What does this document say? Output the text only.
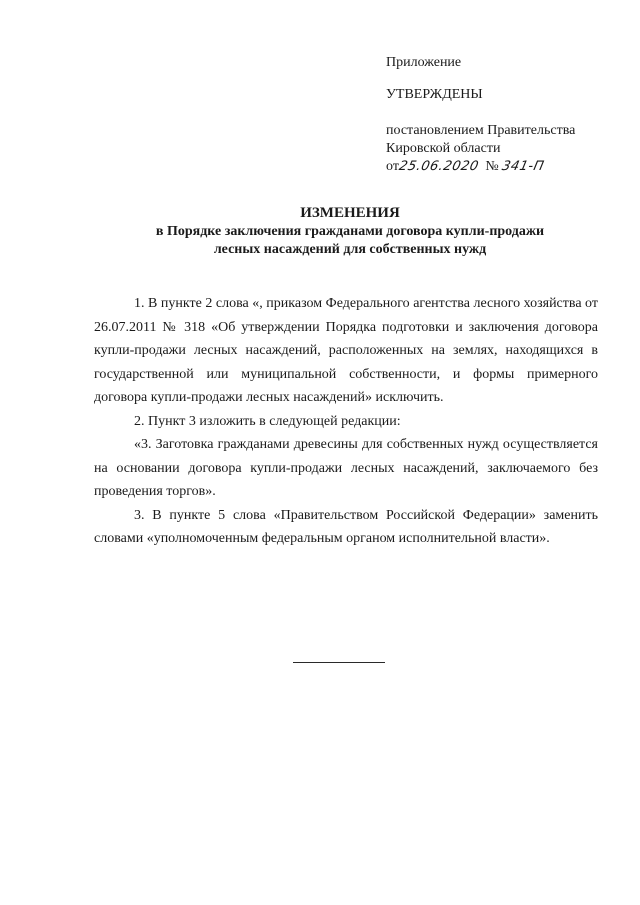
Приложение
УТВЕРЖДЕНЫ
постановлением Правительства
Кировской области
от25.06.2020 № 341-П
ИЗМЕНЕНИЯ
в Порядке заключения гражданами договора купли-продажи
лесных насаждений для собственных нужд

1. В пункте 2 слова «, приказом Федерального агентства лесного хозяйства от 26.07.2011 № 318 «Об утверждении Порядка подготовки и заключения договора купли-продажи лесных насаждений, расположенных на землях, находящихся в государственной или муниципальной собственности, и формы примерного договора купли-продажи лесных насаждений» исключить.

2. Пункт 3 изложить в следующей редакции:

«3. Заготовка гражданами древесины для собственных нужд осуществляется на основании договора купли-продажи лесных насаждений, заключаемого без проведения торгов».

3. В пункте 5 слова «Правительством Российской Федерации» заменить словами «уполномоченным федеральным органом исполнительной власти».
